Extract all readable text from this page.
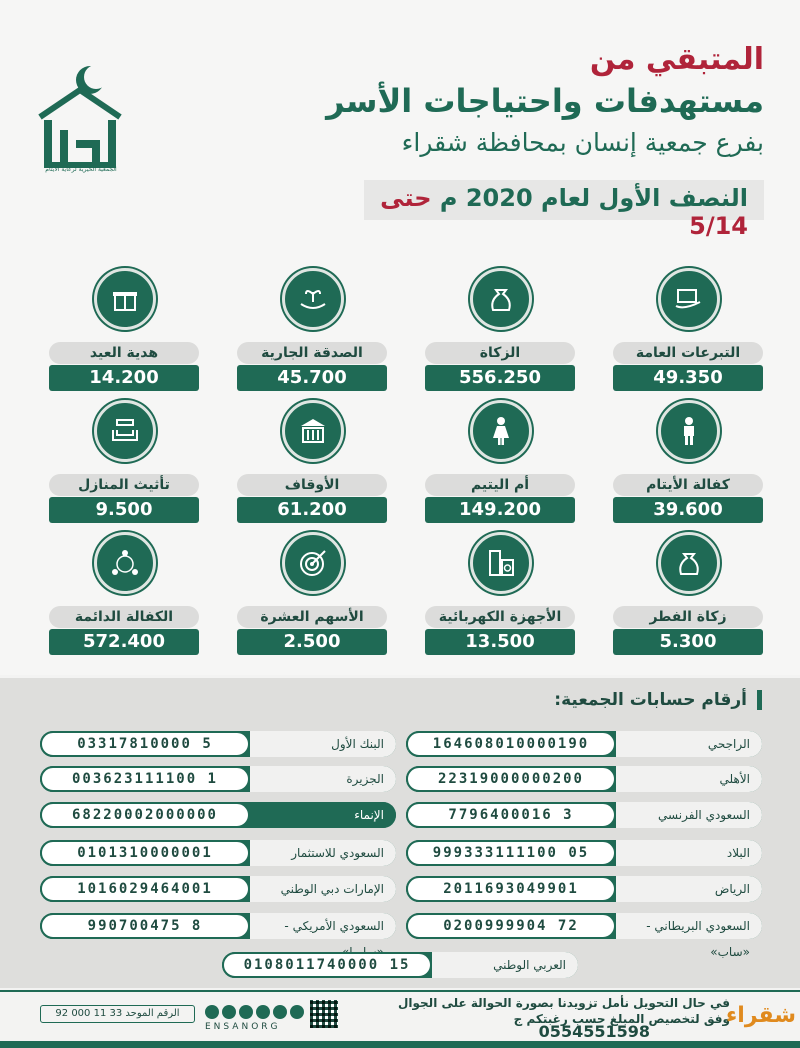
الجمعية الخيرية لرعاية الأيتام
المتبقي من
مستهدفات واحتياجات الأسر
بفرع جمعية إنسان بمحافظة شقراء
النصف الأول لعام 2020 م حتى 5/14
التبرعات العامة
49.350
الزكاة
556.250
الصدقة الجارية
45.700
هدية العيد
14.200
كفالة الأيتام
39.600
أم اليتيم
149.200
الأوقاف
61.200
تأثيث المنازل
9.500
زكاة الفطر
5.300
الأجهزة الكهربائية
13.500
الأسهم العشرة
2.500
الكفالة الدائمة
572.400
أرقام حسابات الجمعية:
الراجحي
164608010000190
البنك الأول
03317810000 5
الأهلي
22319000000200
الجزيرة
003623111100 1
السعودي الفرنسي
7796400016 3
الإنماء
68220002000000
البلاد
999333111100 05
السعودي للاستثمار
0101310000001
الرياض
2011693049901
الإمارات دبي الوطني
1016029464001
السعودي البريطاني - «ساب»
0200999904 72
السعودي الأمريكي -
990700475 8
العربي الوطني
0108011740000 15
في حال التحويل نأمل تزويدنا بصورة الحوالة على الجوال
وفق لتخصيص المبلغ حسب رغبتكم ج
0554551598
الرقم الموحد 33 11 000 92
ENSANORG	شقراء
